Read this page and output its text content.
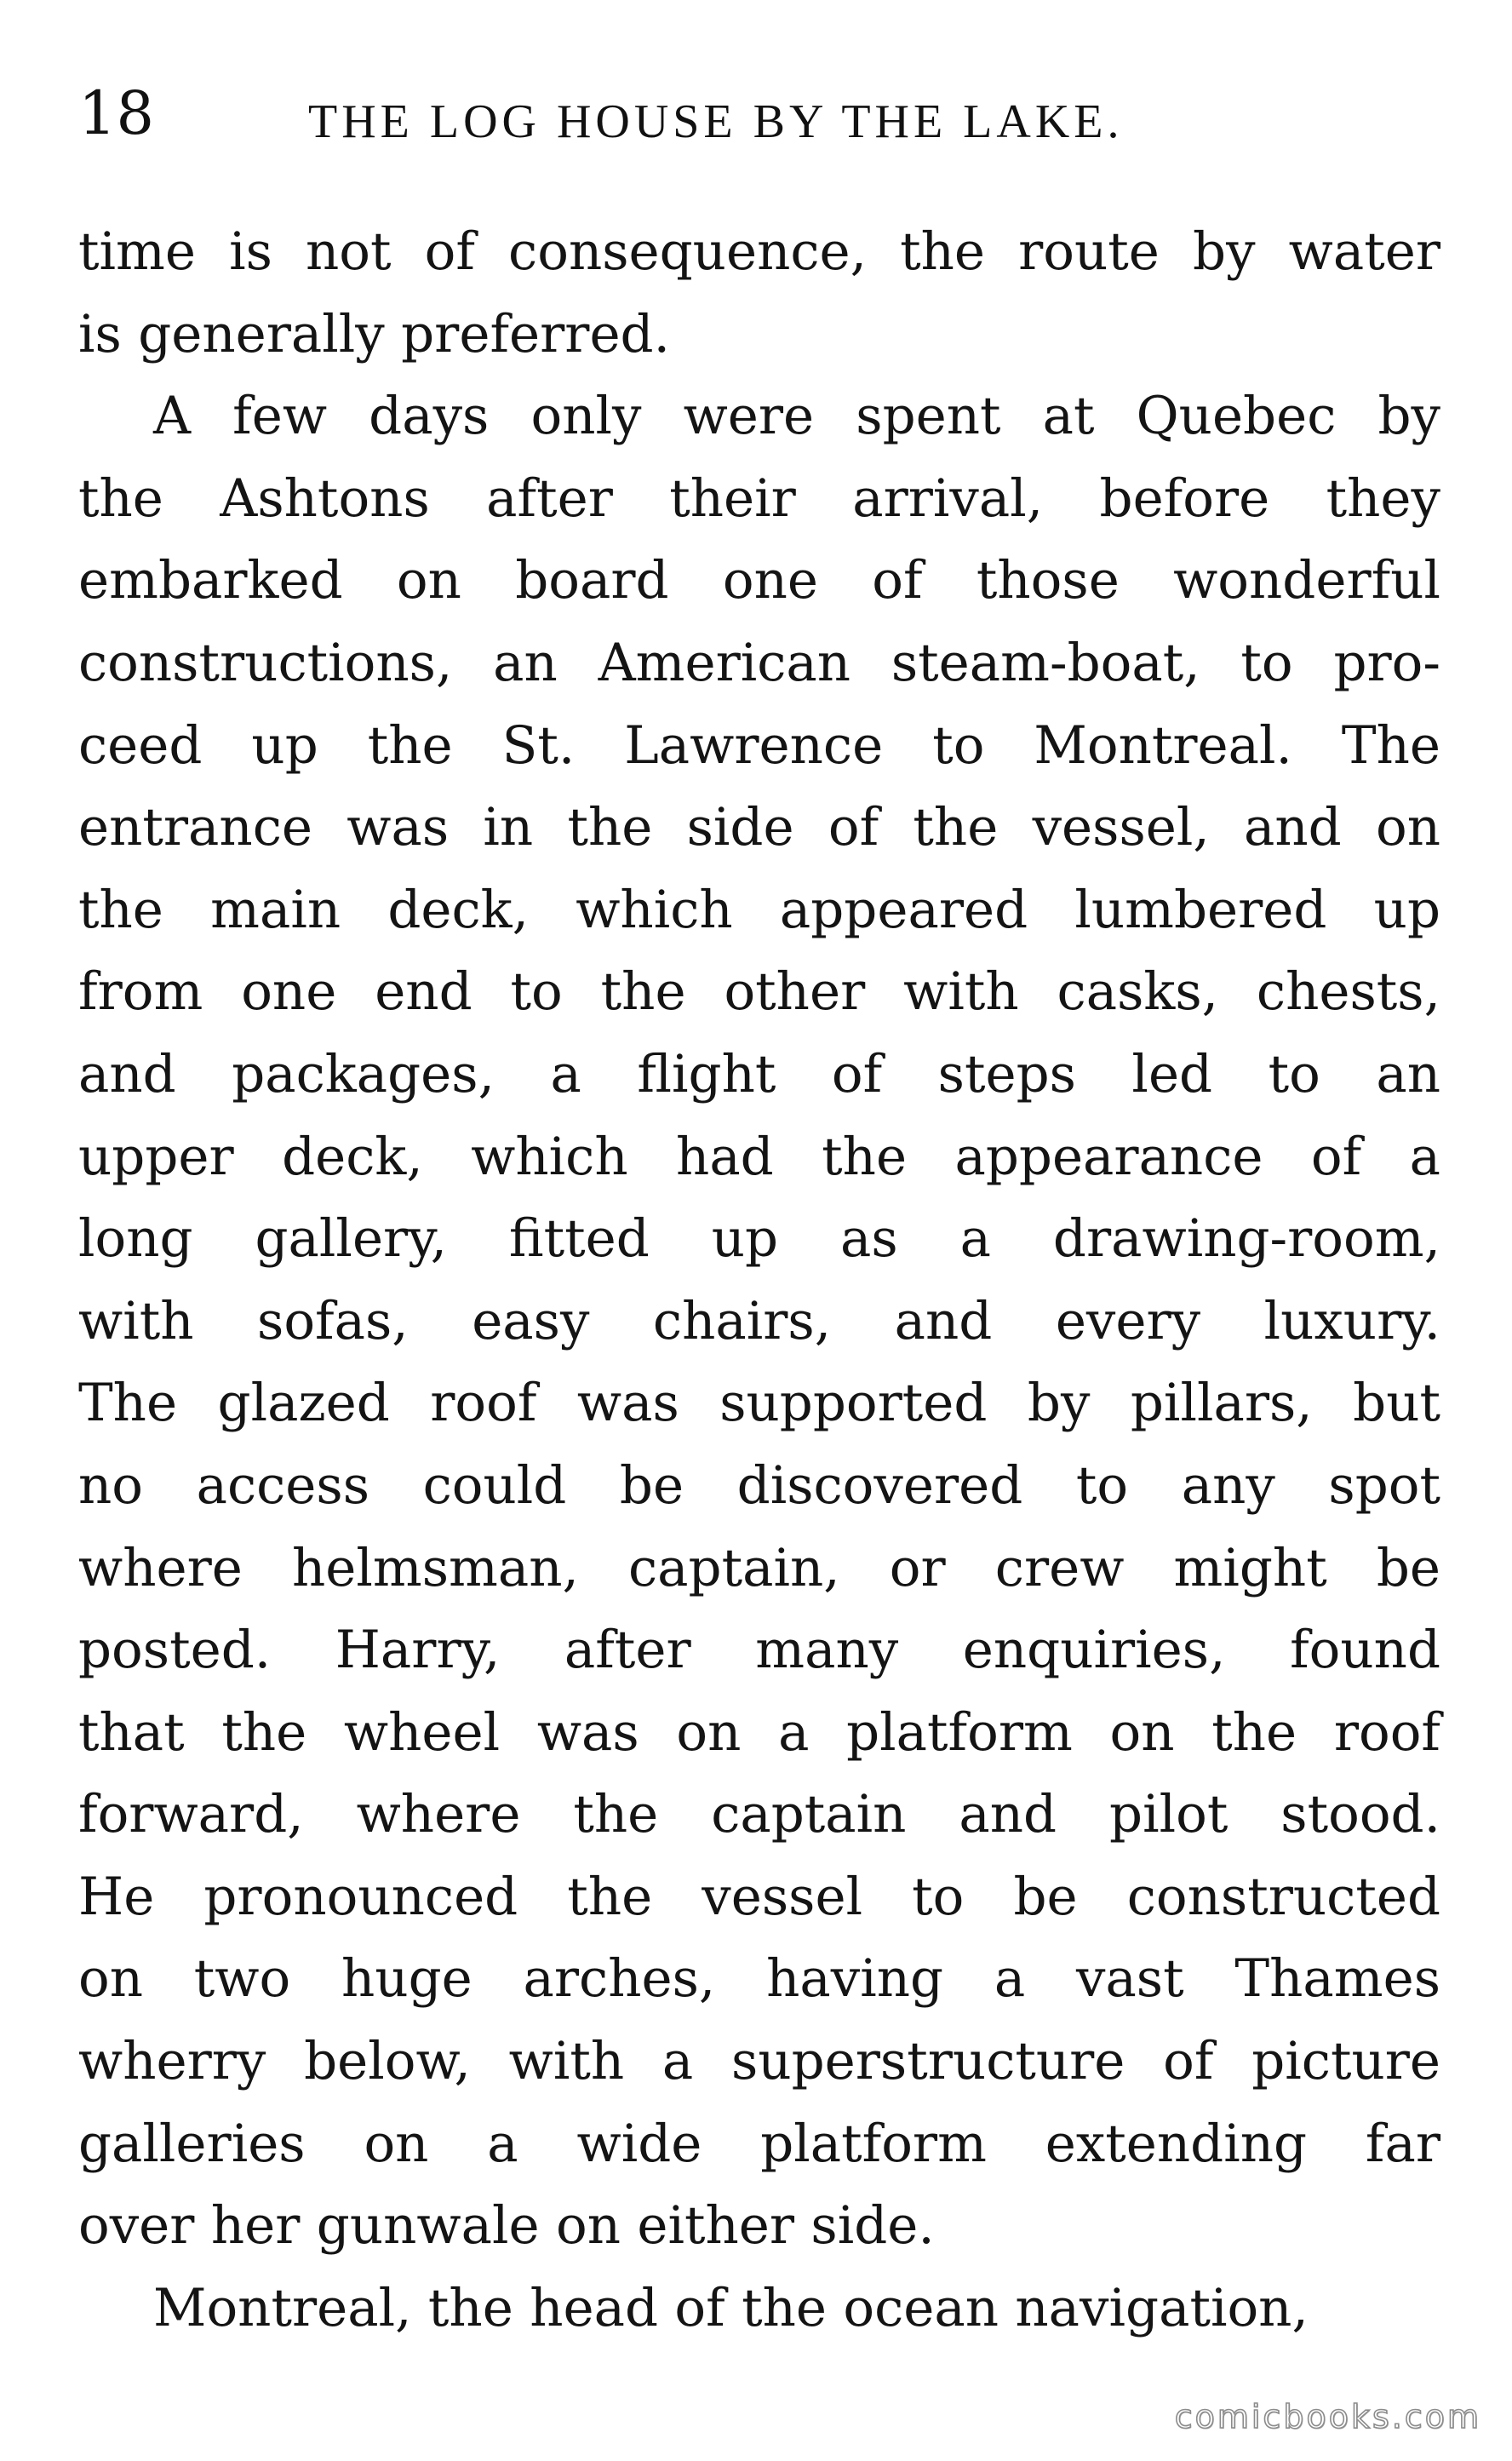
18	THE LOG HOUSE BY THE LAKE.
time is not of consequence, the route by water
is generally preferred.
A few days only were spent at Quebec by
the Ashtons after their arrival, before they
embarked on board one of those wonderful
constructions, an American steam-boat, to pro-
ceed up the St. Lawrence to Montreal. The
entrance was in the side of the vessel, and on
the main deck, which appeared lumbered up
from one end to the other with casks, chests,
and packages, a flight of steps led to an
upper deck, which had the appearance of a
long gallery, fitted up as a drawing-room,
with sofas, easy chairs, and every luxury.
The glazed roof was supported by pillars, but
no access could be discovered to any spot
where helmsman, captain, or crew might be
posted. Harry, after many enquiries, found
that the wheel was on a platform on the roof
forward, where the captain and pilot stood.
He pronounced the vessel to be constructed
on two huge arches, having a vast Thames
wherry below, with a superstructure of picture
galleries on a wide platform extending far
over her gunwale on either side.
Montreal, the head of the ocean navigation,
comicbooks.com
